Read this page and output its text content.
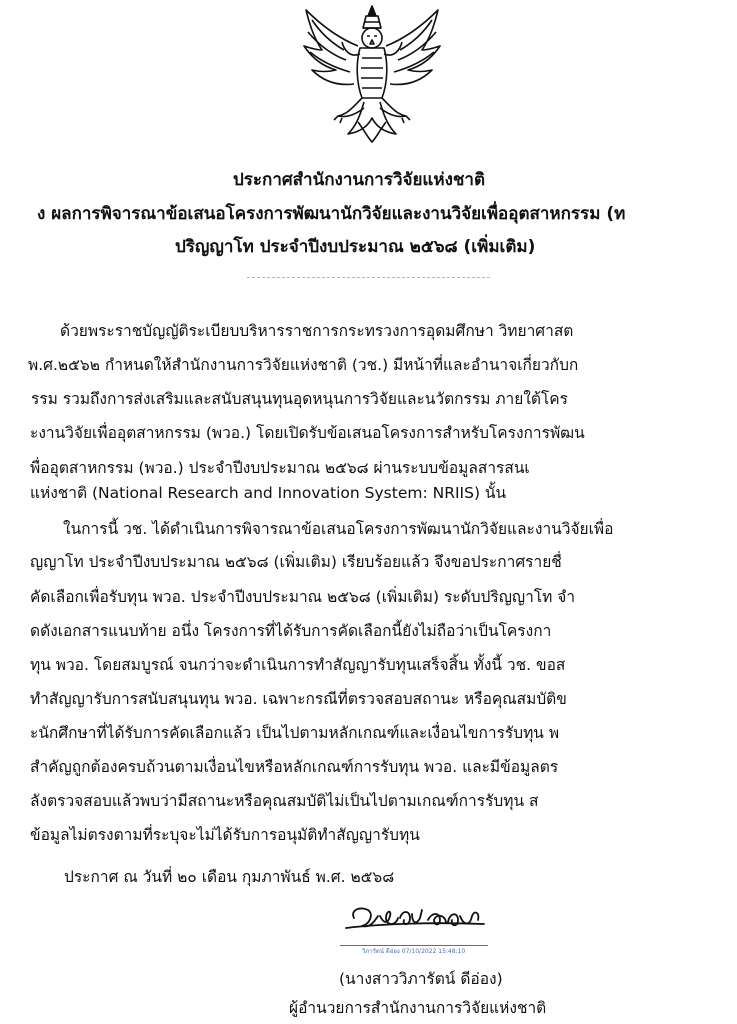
ประกาศสำนักงานการวิจัยแห่งชาติ
ง ผลการพิจารณาข้อเสนอโครงการพัฒนานักวิจัยและงานวิจัยเพื่ออุตสาหกรรม (ท
ปริญญาโท ประจำปีงบประมาณ ๒๕๖๘ (เพิ่มเติม)
ด้วยพระราชบัญญัติระเบียบบริหารราชการกระทรวงการอุดมศึกษา วิทยาศาสต
พ.ศ.๒๕๖๒ กำหนดให้สำนักงานการวิจัยแห่งชาติ (วช.) มีหน้าที่และอำนาจเกี่ยวกับก
รรม รวมถึงการส่งเสริมและสนับสนุนทุนอุดหนุนการวิจัยและนวัตกรรม ภายใต้โคร
ะงานวิจัยเพื่ออุตสาหกรรม (พวอ.) โดยเปิดรับข้อเสนอโครงการสำหรับโครงการพัฒน
พื่ออุตสาหกรรม (พวอ.) ประจำปีงบประมาณ ๒๕๖๘ ผ่านระบบข้อมูลสารสนเ
แห่งชาติ (National Research and Innovation System: NRIIS) นั้น
ในการนี้ วช. ได้ดำเนินการพิจารณาข้อเสนอโครงการพัฒนานักวิจัยและงานวิจัยเพื่อ
ญญาโท ประจำปีงบประมาณ ๒๕๖๘ (เพิ่มเติม) เรียบร้อยแล้ว จึงขอประกาศรายชื่
คัดเลือกเพื่อรับทุน พวอ. ประจำปีงบประมาณ ๒๕๖๘ (เพิ่มเติม) ระดับปริญญาโท จำ
ดดังเอกสารแนบท้าย อนึ่ง โครงการที่ได้รับการคัดเลือกนี้ยังไม่ถือว่าเป็นโครงกา
ทุน พวอ. โดยสมบูรณ์ จนกว่าจะดำเนินการทำสัญญารับทุนเสร็จสิ้น ทั้งนี้ วช. ขอส
ทำสัญญารับการสนับสนุนทุน พวอ. เฉพาะกรณีที่ตรวจสอบสถานะ หรือคุณสมบัติข
ะนักศึกษาที่ได้รับการคัดเลือกแล้ว เป็นไปตามหลักเกณฑ์และเงื่อนไขการรับทุน พ
สำคัญถูกต้องครบถ้วนตามเงื่อนไขหรือหลักเกณฑ์การรับทุน พวอ. และมีข้อมูลตร
ลังตรวจสอบแล้วพบว่ามีสถานะหรือคุณสมบัติไม่เป็นไปตามเกณฑ์การรับทุน ส
ข้อมูลไม่ตรงตามที่ระบุจะไม่ได้รับการอนุมัติทำสัญญารับทุน
ประกาศ ณ วันที่ ๒๐ เดือน กุมภาพันธ์ พ.ศ. ๒๕๖๘
วิภารัตน์ ดีอ่อง 07/10/2022 15:48:10
(นางสาววิภารัตน์ ดีอ่อง)
ผู้อำนวยการสำนักงานการวิจัยแห่งชาติ
